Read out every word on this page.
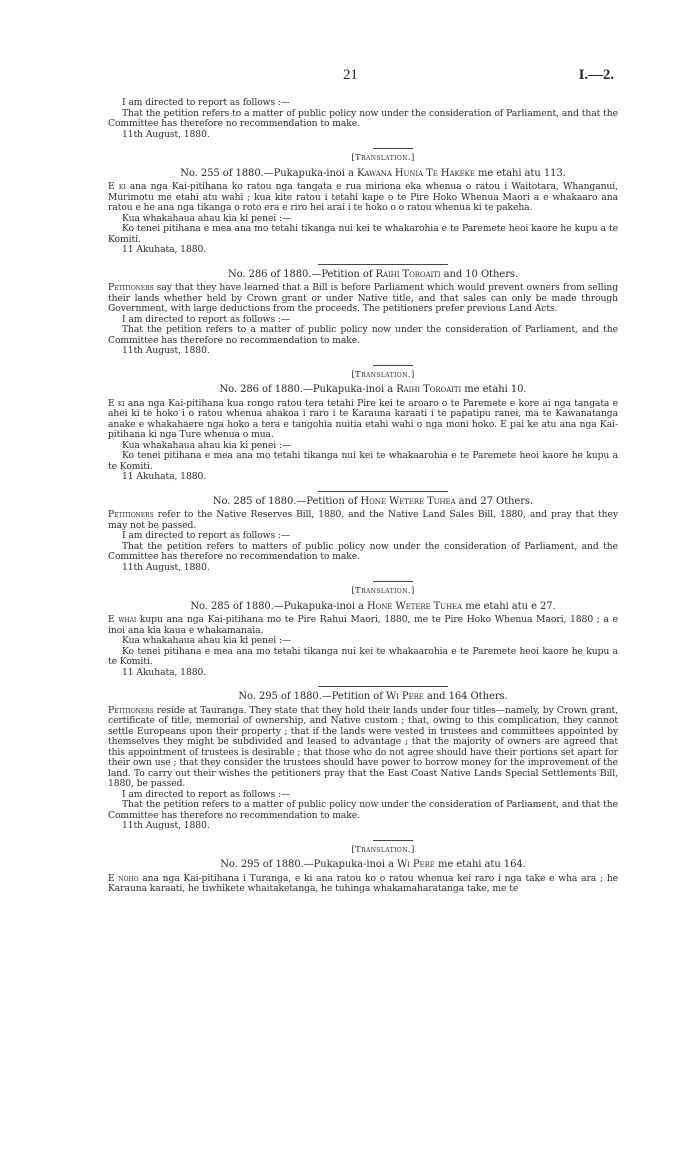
21	I.—2.

I am directed to report as follows :—

That the petition refers to a matter of public policy now under the consideration of Parliament, and that the Committee has therefore no recommendation to make.

11th August, 1880.

[Translation.]
No. 255 of 1880.—Pukapuka-inoi a Kawana Hunia Te Hakeke me etahi atu 113.

E ki ana nga Kai-pitihana ko ratou nga tangata e rua miriona eka whenua o ratou i Waitotara, Whanganui, Murimotu me etahi atu wahi ; kua kite ratou i tetahi kape o te Pire Hoko Whenua Maori a e whakaaro ana ratou e he ana nga tikanga o roto era e riro hei arai i te hoko o o ratou whenua ki te pakeha.

Kua whakahaua ahau kia ki penei :—

Ko tenei pitihana e mea ana mo tetahi tikanga nui kei te whakarohia e te Paremete heoi kaore he kupu a te Komiti.

11 Akuhata, 1880.

No. 286 of 1880.—Petition of Raihi Toroaiti and 10 Others.

Petitioners say that they have learned that a Bill is before Parliament which would prevent owners from selling their lands whether held by Crown grant or under Native title, and that sales can only be made through Government, with large deductions from the proceeds. The petitioners prefer previous Land Acts.

I am directed to report as follows :—

That the petition refers to a matter of public policy now under the consideration of Parliament, and the Committee has therefore no recommendation to make.

11th August, 1880.

[Translation.]
No. 286 of 1880.—Pukapuka-inoi a Raihi Toroaiti me etahi 10.

E ki ana nga Kai-pitihana kua rongo ratou tera tetahi Pire kei te aroaro o te Paremete e kore ai nga tangata e ahei ki te hoko i o ratou whenua ahakoa i raro i te Karauna karaati i te papatipu ranei, ma te Kawanatanga anake e whakahaere nga hoko a tera e tangohia nuitia etahi wahi o nga moni hoko. E pai ke atu ana nga Kai-pitihana ki nga Ture whenua o mua.

Kua whakahaua ahau kia ki penei :—

Ko tenei pitihana e mea ana mo tetahi tikanga nui kei te whakaarohia e te Paremete heoi kaore he kupu a te Komiti.

11 Akuhata, 1880.

No. 285 of 1880.—Petition of Hone Wetere Tuhea and 27 Others.

Petitioners refer to the Native Reserves Bill, 1880, and the Native Land Sales Bill, 1880, and pray that they may not be passed.

I am directed to report as follows :—

That the petition refers to matters of public policy now under the consideration of Parliament, and the Committee has therefore no recommendation to make.

11th August, 1880.

[Translation.]
No. 285 of 1880.—Pukapuka-inoi a Hone Wetere Tuhea me etahi atu e 27.

E whai kupu ana nga Kai-pitihana mo te Pire Rahui Maori, 1880, me te Pire Hoko Whenua Maori, 1880 ; a e inoi ana kia kaua e whakamanaia.

Kua whakahaua ahau kia ki penei :—

Ko tenei pitihana e mea ana mo tetahi tikanga nui kei te whakaarohia e te Paremete heoi kaore he kupu a te Komiti.

11 Akuhata, 1880.

No. 295 of 1880.—Petition of Wi Pere and 164 Others.

Petitioners reside at Tauranga. They state that they hold their lands under four titles—namely, by Crown grant, certificate of title, memorial of ownership, and Native custom ; that, owing to this complication, they cannot settle Europeans upon their property ; that if the lands were vested in trustees and committees appointed by themselves they might be subdivided and leased to advantage ; that the majority of owners are agreed that this appointment of trustees is desirable ; that those who do not agree should have their portions set apart for their own use ; that they consider the trustees should have power to borrow money for the improvement of the land. To carry out their wishes the petitioners pray that the East Coast Native Lands Special Settlements Bill, 1880, be passed.

I am directed to report as follows :—

That the petition refers to a matter of public policy now under the consideration of Parliament, and that the Committee has therefore no recommendation to make.

11th August, 1880.

[Translation.]
No. 295 of 1880.—Pukapuka-inoi a Wi Pere me etahi atu 164.

E noho ana nga Kai-pitihana i Turanga, e ki ana ratou ko o ratou whenua kei raro i nga take e wha ara ; he Karauna karaati, he tiwhikete whaitaketanga, he tuhinga whakamaharatanga take, me te
